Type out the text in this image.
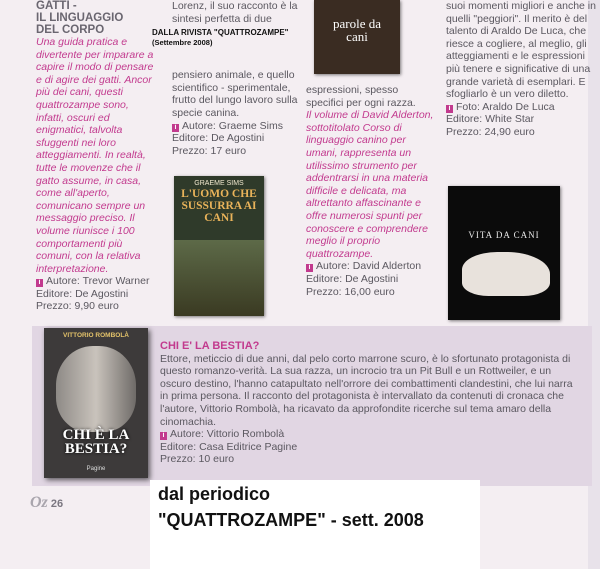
GATTI -
IL LINGUAGGIO
DEL CORPO
Una guida pratica e divertente per imparare a capire il modo di pensare e di agire dei gatti. Ancor più dei cani, questi quattrozampe sono, infatti, oscuri ed enigmatici, talvolta sfuggenti nei loro atteggiamenti. In realtà, tutte le movenze che il gatto assume, in casa, come all'aperto, comunicano sempre un messaggio preciso. Il volume riunisce i 100 comportamenti più comuni, con la relativa interpretazione.
i Autore: Trevor Warner
Editore: De Agostini
Prezzo: 9,90 euro
DALLA RIVISTA "QUATTROZAMPE"
(Settembre 2008)
Lorenz, il suo racconto è la sintesi perfetta di due
pensiero animale, e quello scientifico - sperimentale, frutto del lungo lavoro sulla specie canina.
i Autore: Graeme Sims
Editore: De Agostini
Prezzo: 17 euro
GRAEME SIMS
L'UOMO CHE SUSSURRA AI CANI
parole da cani
espressioni, spesso specifici per ogni razza.
Il volume di David Alderton, sottotitolato Corso di linguaggio canino per umani, rappresenta un utilissimo strumento per addentrarsi in una materia difficile e delicata, ma altrettanto affascinante e offre numerosi spunti per conoscere e comprendere meglio il proprio quattrozampe.
i Autore: David Alderton
Editore: De Agostini
Prezzo: 16,00 euro
suoi momenti migliori e anche in quelli "peggiori". Il merito è del talento di Araldo De Luca, che riesce a cogliere, al meglio, gli atteggiamenti e le espressioni più tenere e significative di una grande varietà di esemplari. E sfogliarlo è un vero diletto.
i Foto: Araldo De Luca
Editore: White Star
Prezzo: 24,90 euro
VITA DA CANI
VITTORIO ROMBOLÀ
CHI È LA BESTIA?
Pagine
CHI E' LA BESTIA?
Ettore, meticcio di due anni, dal pelo corto marrone scuro, è lo sfortunato protagonista di questo romanzo-verità. La sua razza, un incrocio tra un Pit Bull e un Rottweiler, e un oscuro destino, l'hanno catapultato nell'orrore dei combattimenti clandestini, che lui narra in prima persona. Il racconto del protagonista è intervallato da contenuti di cronaca che l'autore, Vittorio Rombolà, ha ricavato da approfondite ricerche sul tema amaro della cinomachia.
i Autore: Vittorio Rombolà
Editore: Casa Editrice Pagine
Prezzo: 10 euro
Oz 26	dal periodico
"QUATTROZAMPE" - sett. 2008
